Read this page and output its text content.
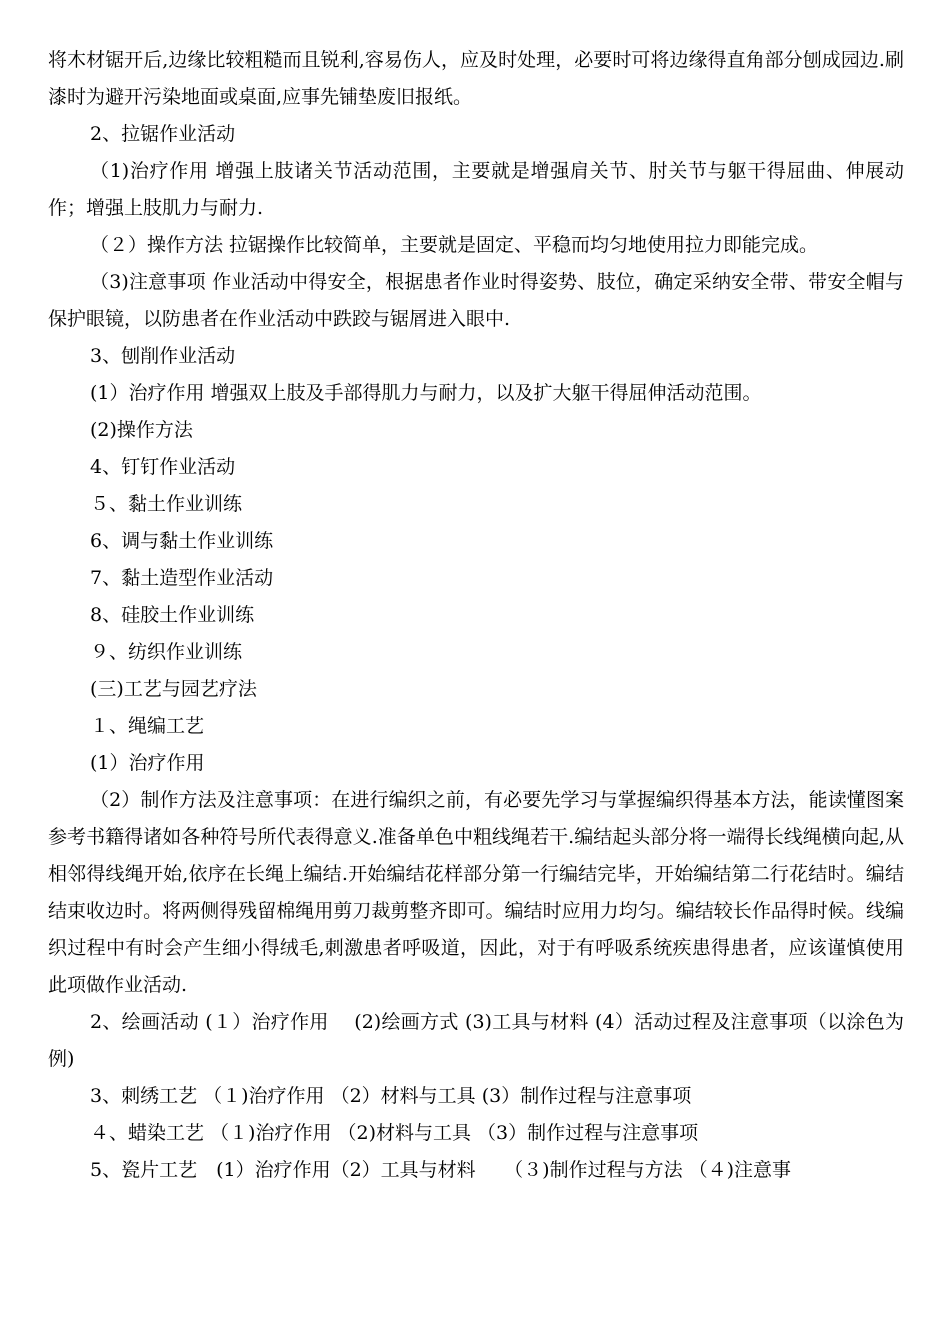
将木材锯开后,边缘比较粗糙而且锐利,容易伤人，应及时处理，必要时可将边缘得直角部分刨成园边.刷漆时为避开污染地面或桌面,应事先铺垫废旧报纸。

2、拉锯作业活动

（1)治疗作用 增强上肢诸关节活动范围，主要就是增强肩关节、肘关节与躯干得屈曲、伸展动作；增强上肢肌力与耐力.

（２）操作方法 拉锯操作比较简单，主要就是固定、平稳而均匀地使用拉力即能完成。

（3)注意事项 作业活动中得安全，根据患者作业时得姿势、肢位，确定采纳安全带、带安全帽与保护眼镜，以防患者在作业活动中跌跤与锯屑进入眼中.

3、刨削作业活动

(1）治疗作用 增强双上肢及手部得肌力与耐力，以及扩大躯干得屈伸活动范围。

(2)操作方法

4、钉钉作业活动

５、黏土作业训练

6、调与黏土作业训练

7、黏土造型作业活动

8、硅胶土作业训练

９、纺织作业训练

(三)工艺与园艺疗法

１、绳编工艺

(1）治疗作用

（2）制作方法及注意事项：在进行编织之前，有必要先学习与掌握编织得基本方法，能读懂图案参考书籍得诸如各种符号所代表得意义.准备单色中粗线绳若干.编结起头部分将一端得长线绳横向起,从相邻得线绳开始,依序在长绳上编结.开始编结花样部分第一行编结完毕，开始编结第二行花结时。编结结束收边时。将两侧得残留棉绳用剪刀裁剪整齐即可。编结时应用力均匀。编结较长作品得时候。线编织过程中有时会产生细小得绒毛,刺激患者呼吸道，因此，对于有呼吸系统疾患得患者，应该谨慎使用此项做作业活动.

2、绘画活动 (１）治疗作用　 (2)绘画方式 (3)工具与材料 (4）活动过程及注意事项（以涂色为例)

3、刺绣工艺 （１)治疗作用 （2）材料与工具 (3）制作过程与注意事项

４、蜡染工艺 （１)治疗作用 （2)材料与工具 （3）制作过程与注意事项

5、瓷片工艺　(1）治疗作用（2）工具与材料　　（３)制作过程与方法 （４)注意事
